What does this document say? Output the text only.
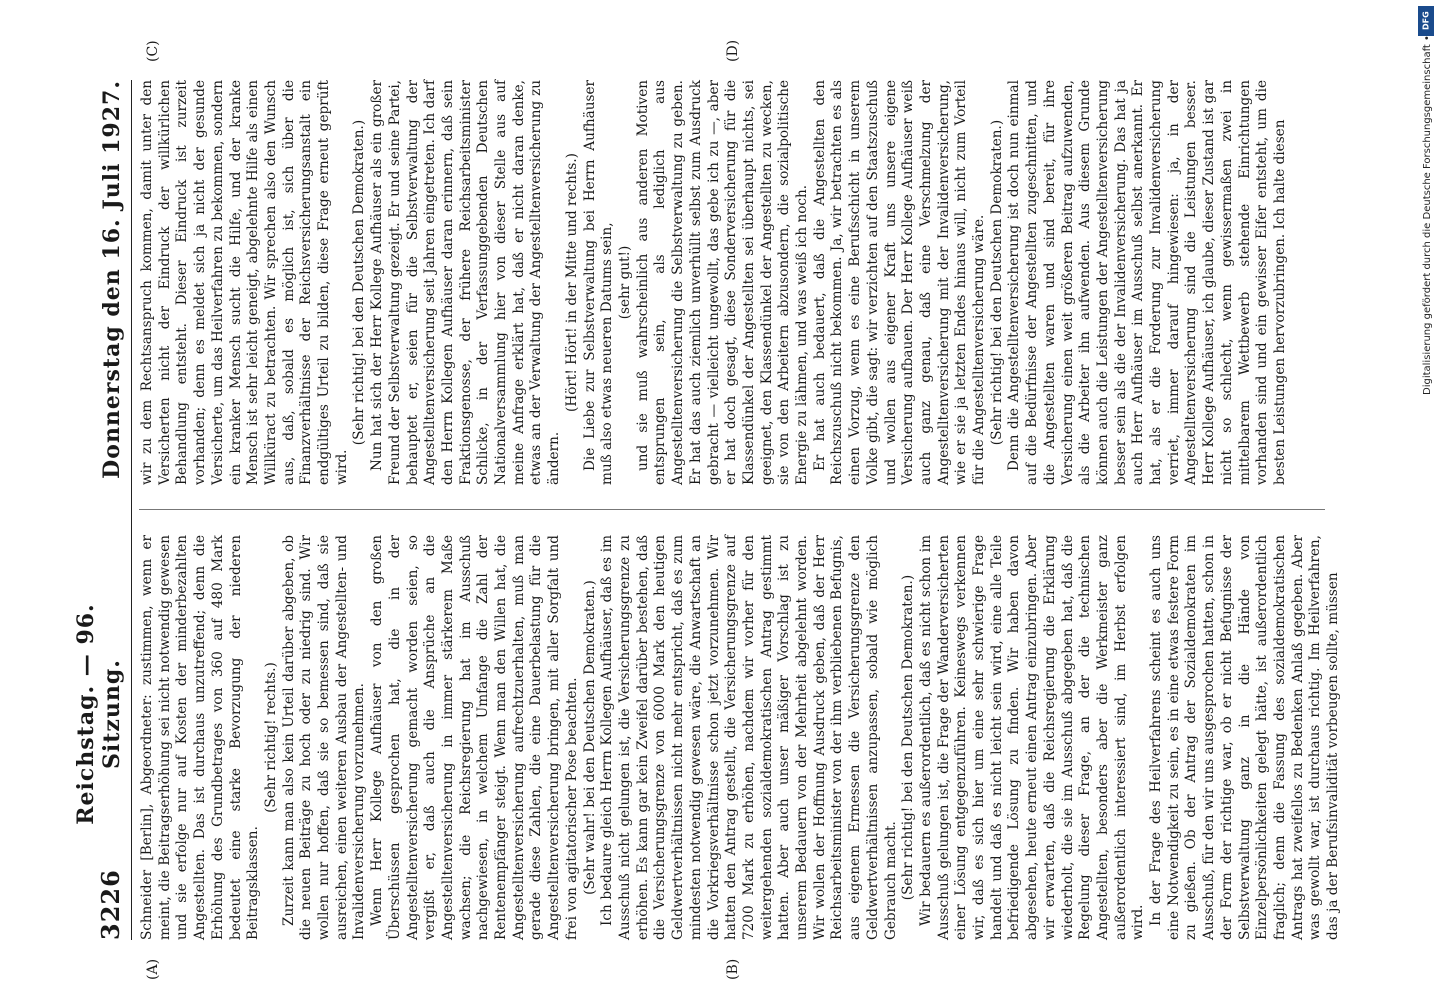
3226
Reichstag. — 96. Sitzung.
Donnerstag den 16. Juli 1927.

Schneider [Berlin], Abgeordneter: zustimmen, wenn er meint, die Beitragserhöhung sei nicht notwendig gewesen und sie erfolge nur auf Kosten der minderbezahlten Angestellten. Das ist durchaus unzutreffend; denn die Erhöhung des Grundbetrages von 360 auf 480 Mark bedeutet eine starke Bevorzugung der niederen Beitragsklassen.

(Sehr richtig! rechts.) Zurzeit kann man also kein Urteil darüber abgeben, ob die neuen Beiträge zu hoch oder zu niedrig sind. Wir wollen nur hoffen, daß sie so bemessen sind, daß sie ausreichen, einen weiteren Ausbau der Angestellten- und Invalidenversicherung vorzunehmen. Wenn Herr Kollege Aufhäuser von den großen Überschüssen gesprochen hat, die in der Angestelltenversicherung gemacht worden seien, so vergißt er, daß auch die Ansprüche an die Angestelltenversicherung in immer stärkerem Maße wachsen; die Reichsregierung hat im Ausschuß nachgewiesen, in welchem Umfange die Zahl der Rentenempfänger steigt. Wenn man den Willen hat, die Angestelltenversicherung aufrechtzuerhalten, muß man gerade diese Zahlen, die eine Dauerbelastung für die Angestelltenversicherung bringen, mit aller Sorgfalt und frei von agitatorischer Pose beachten. (Sehr wahr! bei den Deutschen Demokraten.) Ich bedaure gleich Herrn Kollegen Aufhäuser, daß es im Ausschuß nicht gelungen ist, die Versicherungsgrenze zu erhöhen. Es kann gar kein Zweifel darüber bestehen, daß die Versicherungsgrenze von 6000 Mark den heutigen Geldwertverhältnissen nicht mehr entspricht, daß es zum mindesten notwendig gewesen wäre, die Anwartschaft an die Vorkriegsverhältnisse schon jetzt vorzunehmen. Wir hatten den Antrag gestellt, die Versicherungsgrenze auf 7200 Mark zu erhöhen, nachdem wir vorher für den weitergehenden sozialdemokratischen Antrag gestimmt hatten. Aber auch unser mäßiger Vorschlag ist zu unserem Bedauern von der Mehrheit abgelehnt worden. Wir wollen der Hoffnung Ausdruck geben, daß der Herr Reichsarbeitsminister von der ihm verbliebenen Befugnis, aus eigenem Ermessen die Versicherungsgrenze den Geldwertverhältnissen anzupassen, sobald wie möglich Gebrauch macht. (Sehr richtig! bei den Deutschen Demokraten.) Wir bedauern es außerordentlich, daß es nicht schon im Ausschuß gelungen ist, die Frage der Wanderversicherten einer Lösung entgegenzuführen. Keineswegs verkennen wir, daß es sich hier um eine sehr schwierige Frage handelt und daß es nicht leicht sein wird, eine alle Teile befriedigende Lösung zu finden. Wir haben davon abgesehen, heute erneut einen Antrag einzubringen. Aber wir erwarten, daß die Reichsregierung die Erklärung wiederholt, die sie im Ausschuß abgegeben hat, daß die Regelung dieser Frage, an der die technischen Angestellten, besonders aber die Werkmeister ganz außerordentlich interessiert sind, im Herbst erfolgen wird. In der Frage des Heilverfahrens scheint es auch uns eine Notwendigkeit zu sein, es in eine etwas festere Form zu gießen. Ob der Antrag der Sozialdemokraten im Ausschuß, für den wir uns ausgesprochen hatten, schon in der Form der richtige war, ob er nicht Befugnisse der Selbstverwaltung ganz in die Hände von Einzelpersönlichkeiten gelegt hätte, ist außerordentlich fraglich; denn die Fassung des sozialdemokratischen Antrags hat zweifellos zu Bedenken Anlaß gegeben. Aber was gewollt war, ist durchaus richtig. Im Heilverfahren, das ja der Berufsinvalidität vorbeugen sollte, müssen

wir zu dem Rechtsanspruch kommen, damit unter den Versicherten nicht der Eindruck der willkürlichen Behandlung entsteht. Dieser Eindruck ist zurzeit vorhanden; denn es meldet sich ja nicht der gesunde Versicherte, um das Heilverfahren zu bekommen, sondern ein kranker Mensch sucht die Hilfe, und der kranke Mensch ist sehr leicht geneigt, abgelehnte Hilfe als einen Willküract zu betrachten. Wir sprechen also den Wunsch aus, daß, sobald es möglich ist, sich über die Finanzverhältnisse der Reichsversicherungsanstalt ein endgültiges Urteil zu bilden, diese Frage erneut geprüft wird.

(Sehr richtig! bei den Deutschen Demokraten.) Nun hat sich der Herr Kollege Aufhäuser als ein großer Freund der Selbstverwaltung gezeigt. Er und seine Partei, behauptet er, seien für die Selbstverwaltung der Angestelltenversicherung seit Jahren eingetreten. Ich darf den Herrn Kollegen Aufhäuser daran erinnern, daß sein Fraktionsgenosse, der frühere Reichsarbeitsminister Schlicke, in der Verfassunggebenden Deutschen Nationalversammlung hier von dieser Stelle aus auf meine Anfrage erklärt hat, daß er nicht daran denke, etwas an der Verwaltung der Angestelltenversicherung zu ändern.

(Hört! Hört! in der Mitte und rechts.) Die Liebe zur Selbstverwaltung bei Herrn Aufhäuser muß also etwas neueren Datums sein, (sehr gut!) und sie muß wahrscheinlich aus anderen Motiven entsprungen sein, als lediglich aus Angestelltenversicherung die Selbstverwaltung zu geben. Er hat das auch ziemlich unverhüllt selbst zum Ausdruck gebracht — vielleicht ungewollt, das gebe ich zu —, aber er hat doch gesagt, diese Sonderversicherung für die Klassendünkel der Angestellten sei überhaupt nichts, sei geeignet, den Klassendünkel der Angestellten zu wecken, sie von den Arbeitern abzusondern, die sozialpolitische Energie zu lähmen, und was weiß ich noch. Er hat auch bedauert, daß die Angestellten den Reichszuschuß nicht bekommen. Ja, wir betrachten es als einen Vorzug, wenn es eine Berufsschicht in unserem Volke gibt, die sagt: wir verzichten auf den Staatszuschuß und wollen aus eigener Kraft uns unsere eigene Versicherung aufbauen. Der Herr Kollege Aufhäuser weiß auch ganz genau, daß eine Verschmelzung der Angestelltenversicherung mit der Invalidenversicherung, wie er sie ja letzten Endes hinaus will, nicht zum Vorteil für die Angestelltenversicherung wäre. (Sehr richtig! bei den Deutschen Demokraten.) Denn die Angestelltenversicherung ist doch nun einmal auf die Bedürfnisse der Angestellten zugeschnitten, und die Angestellten waren und sind bereit, für ihre Versicherung einen weit größeren Beitrag aufzuwenden, als die Arbeiter ihn aufwenden. Aus diesem Grunde können auch die Leistungen der Angestelltenversicherung besser sein als die der Invalidenversicherung. Das hat ja auch Herr Aufhäuser im Ausschuß selbst anerkannt. Er hat, als er die Forderung zur Invalidenversicherung verriet, immer darauf hingewiesen: ja, in der Angestelltenversicherung sind die Leistungen besser. Herr Kollege Aufhäuser, ich glaube, dieser Zustand ist gar nicht so schlecht, wenn gewissermaßen zwei in mittelbarem Wettbewerb stehende Einrichtungen vorhanden sind und ein gewisser Eifer entsteht, um die besten Leistungen hervorzubringen. Ich halte diesen

(A)	(B)
(C)	(D)
DFG
Digitalisierung gefördert durch die Deutsche Forschungsgemeinschaft •
